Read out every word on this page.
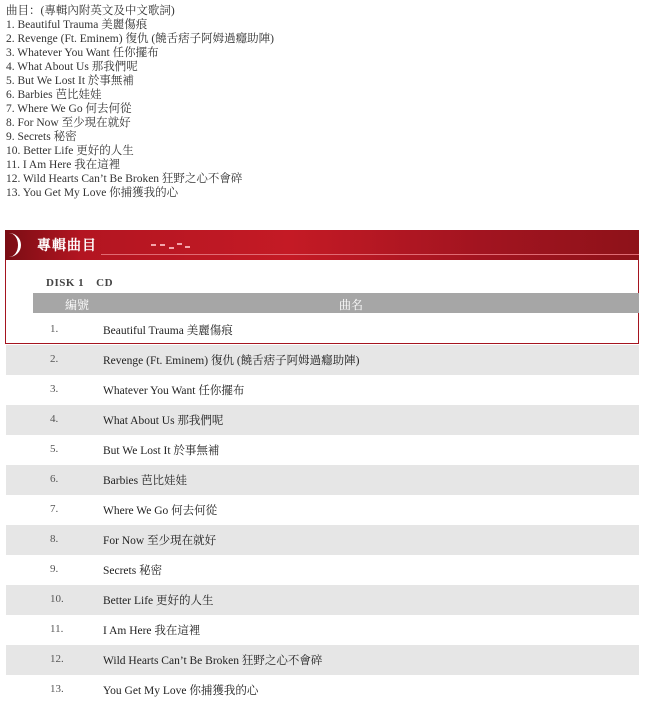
曲目：(專輯內附英文及中文歌詞)
1. Beautiful Trauma 美麗傷痕
2. Revenge (Ft. Eminem) 復仇 (饒舌痞子阿姆過癮助陣)
3. Whatever You Want 任你擺布
4. What About Us 那我們呢
5. But We Lost It 於事無補
6. Barbies 芭比娃娃
7. Where We Go 何去何從
8. For Now 至少現在就好
9. Secrets 秘密
10. Better Life 更好的人生
11. I Am Here 我在這裡
12. Wild Hearts Can’t Be Broken 狂野之心不會碎
13. You Get My Love 你捕獲我的心
專輯曲目
DISK 1 CD
編號	曲名
1.	Beautiful Trauma 美麗傷痕
2.	Revenge (Ft. Eminem) 復仇 (饒舌痞子阿姆過癮助陣)
3.	Whatever You Want 任你擺布
4.	What About Us 那我們呢
5.	But We Lost It 於事無補
6.	Barbies 芭比娃娃
7.	Where We Go 何去何從
8.	For Now 至少現在就好
9.	Secrets 秘密
10.	Better Life 更好的人生
11.	I Am Here 我在這裡
12.	Wild Hearts Can’t Be Broken 狂野之心不會碎
13.	You Get My Love 你捕獲我的心
